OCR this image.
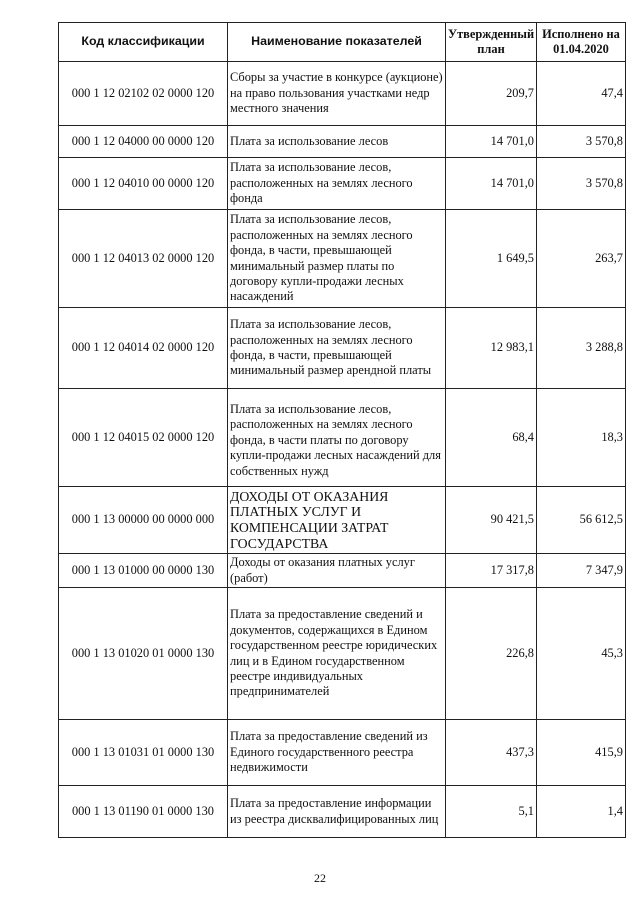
Код классификации	Наименование показателей	Утвержденный план	Исполнено на 01.04.2020
000 1 12 02102 02 0000 120	Сборы за участие в конкурсе (аукционе) на право пользования участками недр местного значения	209,7	47,4
000 1 12 04000 00 0000 120	Плата за использование лесов	14 701,0	3 570,8
000 1 12 04010 00 0000 120	Плата за использование лесов, расположенных на землях лесного фонда	14 701,0	3 570,8
000 1 12 04013 02 0000 120	Плата за использование лесов, расположенных на землях лесного фонда, в части, превышающей минимальный размер платы по договору купли-продажи лесных насаждений	1 649,5	263,7
000 1 12 04014 02 0000 120	Плата за использование лесов, расположенных на землях лесного фонда, в части, превышающей минимальный размер арендной платы	12 983,1	3 288,8
000 1 12 04015 02 0000 120	Плата за использование лесов, расположенных на землях лесного фонда, в части платы по договору купли-продажи лесных насаждений для собственных нужд	68,4	18,3
000 1 13 00000 00 0000 000	ДОХОДЫ ОТ ОКАЗАНИЯ ПЛАТНЫХ УСЛУГ И КОМПЕНСАЦИИ ЗАТРАТ ГОСУДАРСТВА	90 421,5	56 612,5
000 1 13 01000 00 0000 130	Доходы от оказания платных услуг (работ)	17 317,8	7 347,9
000 1 13 01020 01 0000 130	Плата за предоставление сведений и документов, содержащихся в Едином государственном реестре юридических лиц и в Едином государственном реестре индивидуальных предпринимателей	226,8	45,3
000 1 13 01031 01 0000 130	Плата за предоставление сведений из Единого государственного реестра недвижимости	437,3	415,9
000 1 13 01190 01 0000 130	Плата за предоставление информации из реестра дисквалифицированных лиц	5,1	1,4
22
